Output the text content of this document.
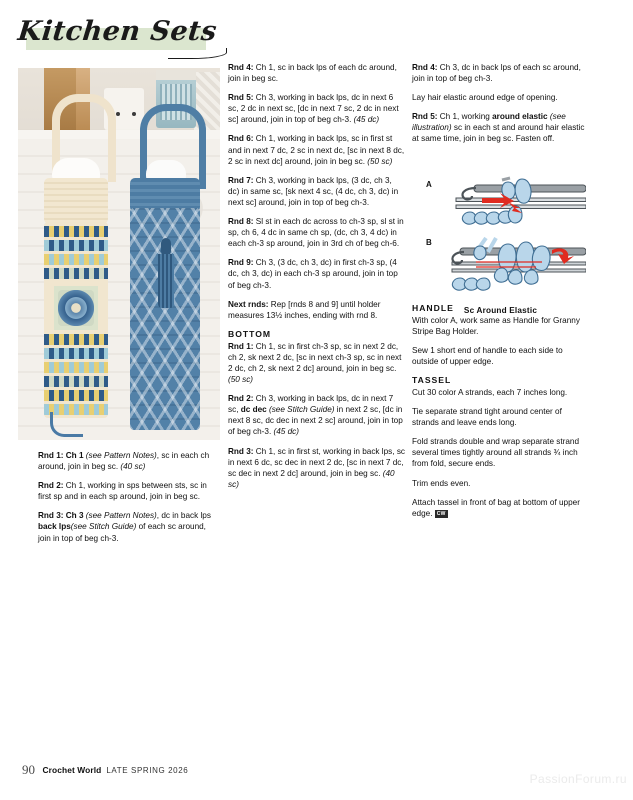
Kitchen Sets

Rnd 1: Ch 1 (see Pattern Notes), sc in each ch around, join in beg sc. (40 sc)

Rnd 2: Ch 1, working in sps between sts, sc in first sp and in each sp around, join in beg sc.

Rnd 3: Ch 3 (see Pattern Notes), dc in back lps back lps(see Stitch Guide) of each sc around, join in top of beg ch-3.

Rnd 4: Ch 1, sc in back lps of each dc around, join in beg sc.

Rnd 5: Ch 3, working in back lps, dc in next 6 sc, 2 dc in next sc, [dc in next 7 sc, 2 dc in next sc] around, join in top of beg ch-3. (45 dc)

Rnd 6: Ch 1, working in back lps, sc in first st and in next 7 dc, 2 sc in next dc, [sc in next 8 dc, 2 sc in next dc] around, join in beg sc. (50 sc)

Rnd 7: Ch 3, working in back lps, (3 dc, ch 3, dc) in same sc, [sk next 4 sc, (4 dc, ch 3, dc) in next sc] around, join in top of beg ch-3.

Rnd 8: Sl st in each dc across to ch-3 sp, sl st in sp, ch 6, 4 dc in same ch sp, (dc, ch 3, 4 dc) in each ch-3 sp around, join in 3rd ch of beg ch-6.

Rnd 9: Ch 3, (3 dc, ch 3, dc) in first ch-3 sp, (4 dc, ch 3, dc) in each ch-3 sp around, join in top of beg ch-3.

Next rnds: Rep [rnds 8 and 9] until holder measures 13½ inches, ending with rnd 8.

BOTTOM

Rnd 1: Ch 1, sc in first ch-3 sp, sc in next 2 dc, ch 2, sk next 2 dc, [sc in next ch-3 sp, sc in next 2 dc, ch 2, sk next 2 dc] around, join in beg sc. (50 sc)

Rnd 2: Ch 3, working in back lps, dc in next 7 sc, dc dec (see Stitch Guide) in next 2 sc, [dc in next 8 sc, dc dec in next 2 sc] around, join in top of beg ch-3. (45 dc)

Rnd 3: Ch 1, sc in first st, working in back lps, sc in next 6 dc, sc dec in next 2 dc, [sc in next 7 dc, sc dec in next 2 dc] around, join in beg sc. (40 sc)

Rnd 4: Ch 3, dc in back lps of each sc around, join in top of beg ch-3.

Lay hair elastic around edge of opening.

Rnd 5: Ch 1, working around elastic (see illustration) sc in each st and around hair elastic at same time, join in beg sc. Fasten off.

HANDLE

With color A, work same as Handle for Granny Stripe Bag Holder.

Sew 1 short end of handle to each side to outside of upper edge.

TASSEL

Cut 30 color A strands, each 7 inches long.

Tie separate strand tight around center of strands and leave ends long.

Fold strands double and wrap separate strand several times tightly around all strands ¾ inch from fold, secure ends.

Trim ends even.

Attach tassel in front of bag at bottom of upper edge. CW

A
B
Sc Around Elastic
90 Crochet World LATE SPRING 2026
PassionForum.ru
